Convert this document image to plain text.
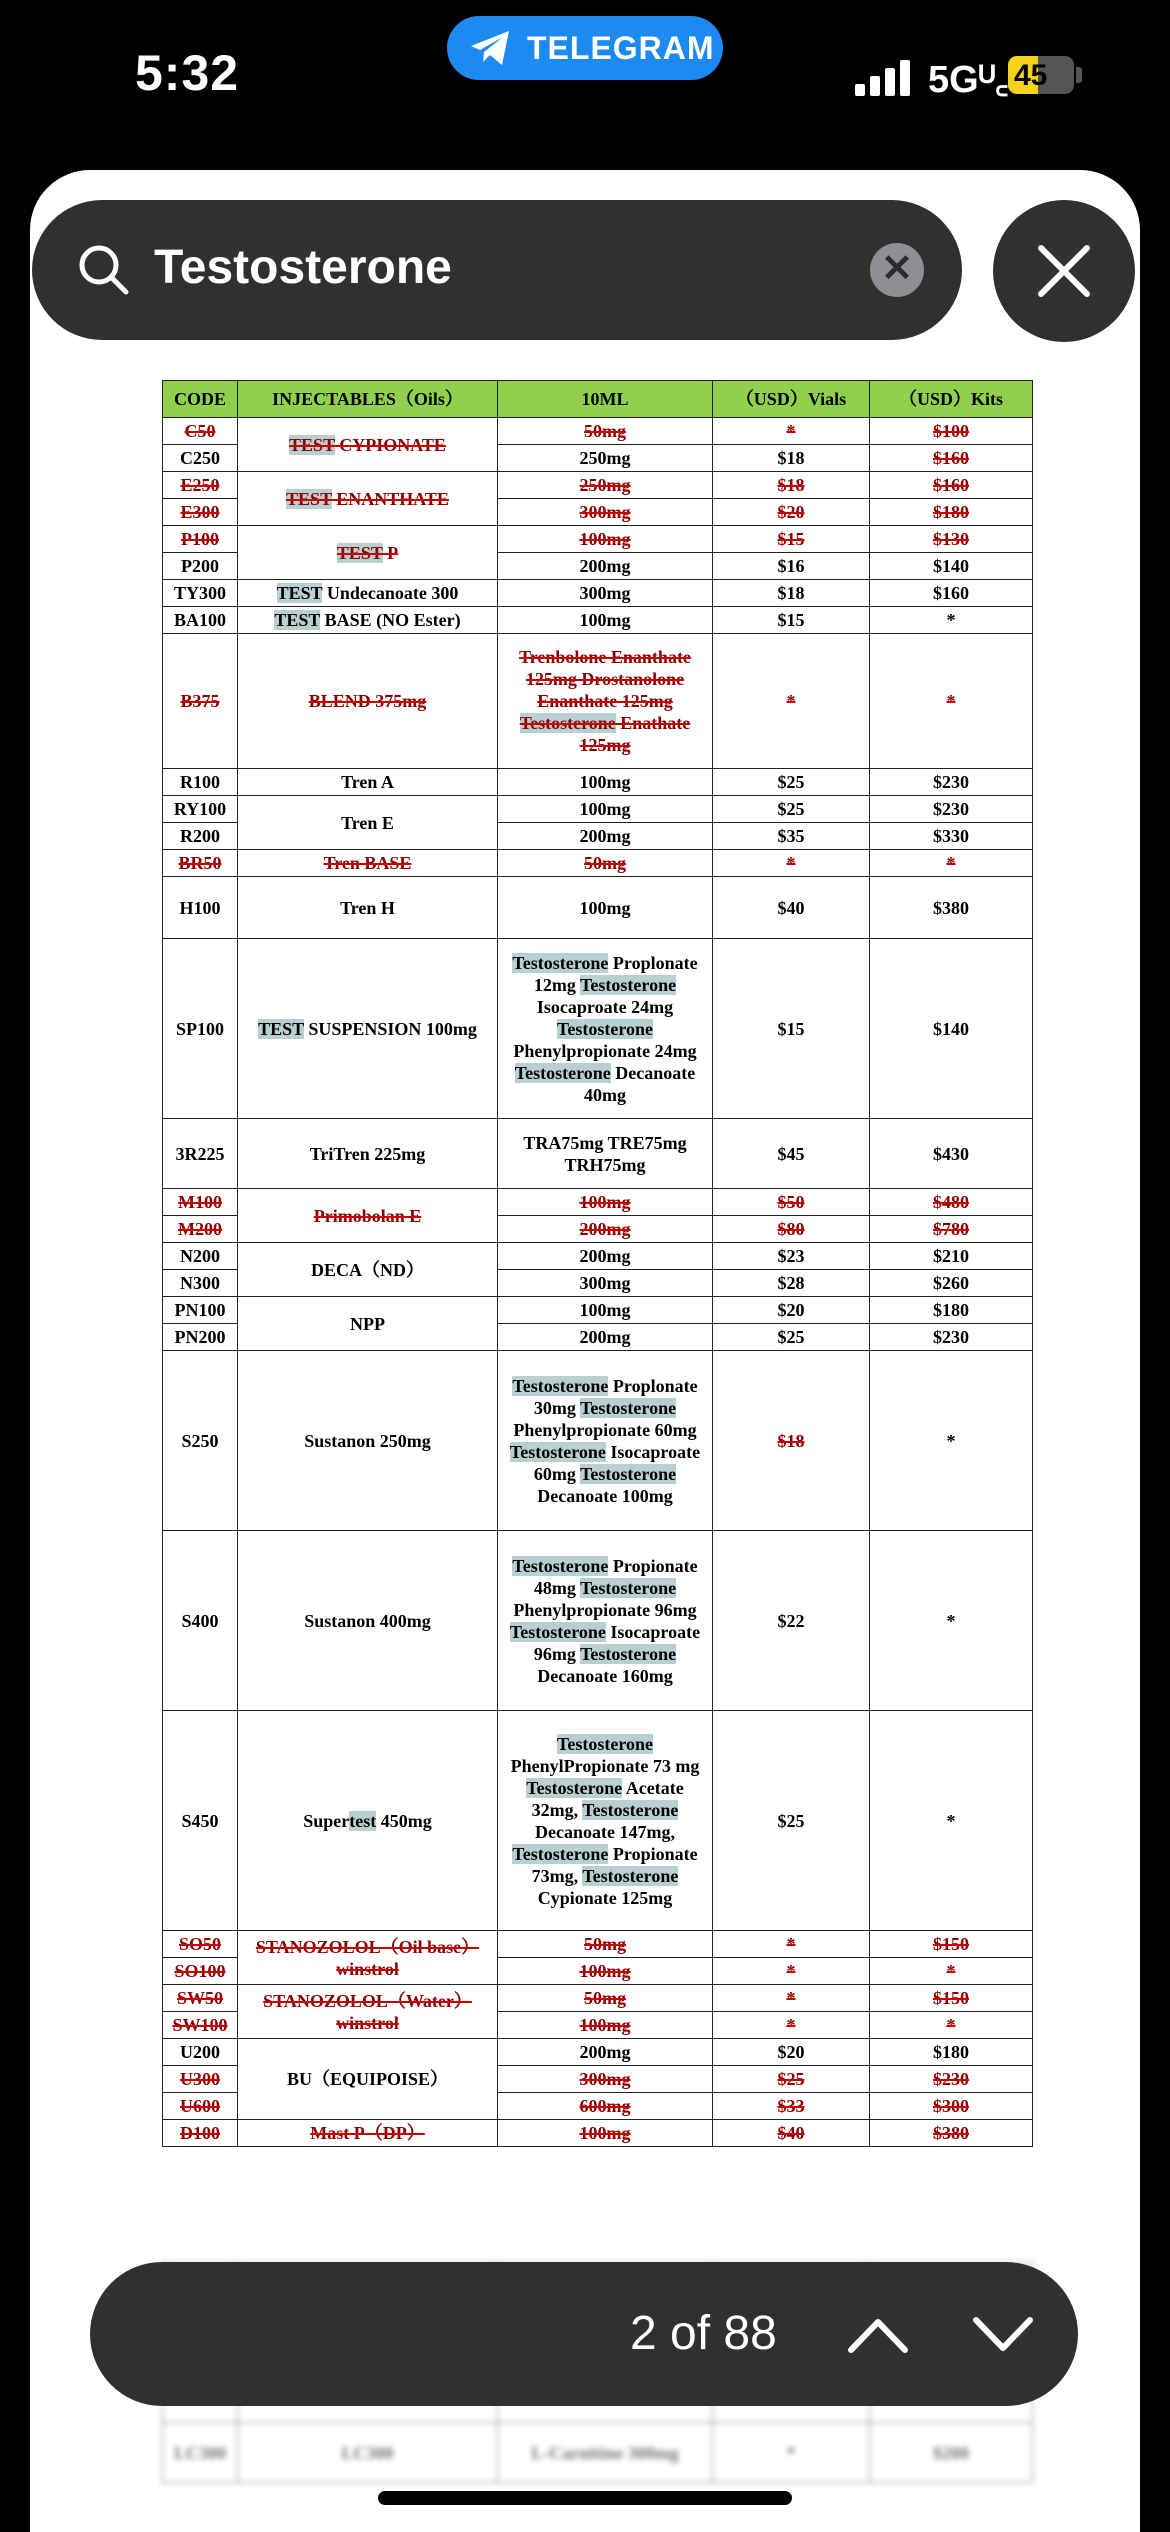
5:32	TELEGRAM
5Gᵁ꜀ 45
CODE	INJECTABLES（Oils）	10ML	（USD）Vials	（USD）Kits
C50	TEST CYPIONATE	50mg	*	$100
C250		250mg	$18	$160
E250	TEST ENANTHATE	250mg	$18	$160
E300		300mg	$20	$180
P100	TEST P	100mg	$15	$130
P200		200mg	$16	$140
TY300	TEST Undecanoate 300	300mg	$18	$160
BA100	TEST BASE (NO Ester)	100mg	$15	*
B375	BLEND 375mg	Trenbolone Enanthate 125mg Drostanolone Enanthate 125mg Testosterone Enathate 125mg	*	*
R100	Tren A	100mg	$25	$230
RY100	Tren E	100mg	$25	$230
R200		200mg	$35	$330
BR50	Tren BASE	50mg	*	*
H100	Tren H	100mg	$40	$380
SP100	TEST SUSPENSION 100mg	Testosterone Proplonate 12mg Testosterone Isocaproate 24mg Testosterone Phenylpropionate 24mg Testosterone Decanoate 40mg	$15	$140
3R225	TriTren 225mg	TRA75mg TRE75mg TRH75mg	$45	$430
M100	Primobolan E	100mg	$50	$480
M200		200mg	$80	$780
N200	DECA（ND）	200mg	$23	$210
N300		300mg	$28	$260
PN100	NPP	100mg	$20	$180
PN200		200mg	$25	$230
S250	Sustanon 250mg	Testosterone Proplonate 30mg Testosterone Phenylpropionate 60mg Testosterone Isocaproate 60mg Testosterone Decanoate 100mg	$18	*
S400	Sustanon 400mg	Testosterone Propionate 48mg Testosterone Phenylpropionate 96mg Testosterone Isocaproate 96mg Testosterone Decanoate 160mg	$22	*
S450	Supertest 450mg	Testosterone PhenylPropionate 73 mg Testosterone Acetate 32mg, Testosterone Decanoate 147mg, Testosterone Propionate 73mg, Testosterone Cypionate 125mg	$25	*
SO50	STANOZOLOL（Oil base）winstrol	50mg	*	$150
SO100		100mg	*	*
SW50	STANOZOLOL（Water）winstrol	50mg	*	$150
SW100		100mg	*	*
U200	BU（EQUIPOISE）	200mg	$20	$180
U300		300mg	$25	$230
U600		600mg	$33	$300
D100	Mast P（DP）	100mg	$40	$380

LC300	LC300	L-Carnitine 300mg	*	$200
Testosterone	✕
2 of 88
